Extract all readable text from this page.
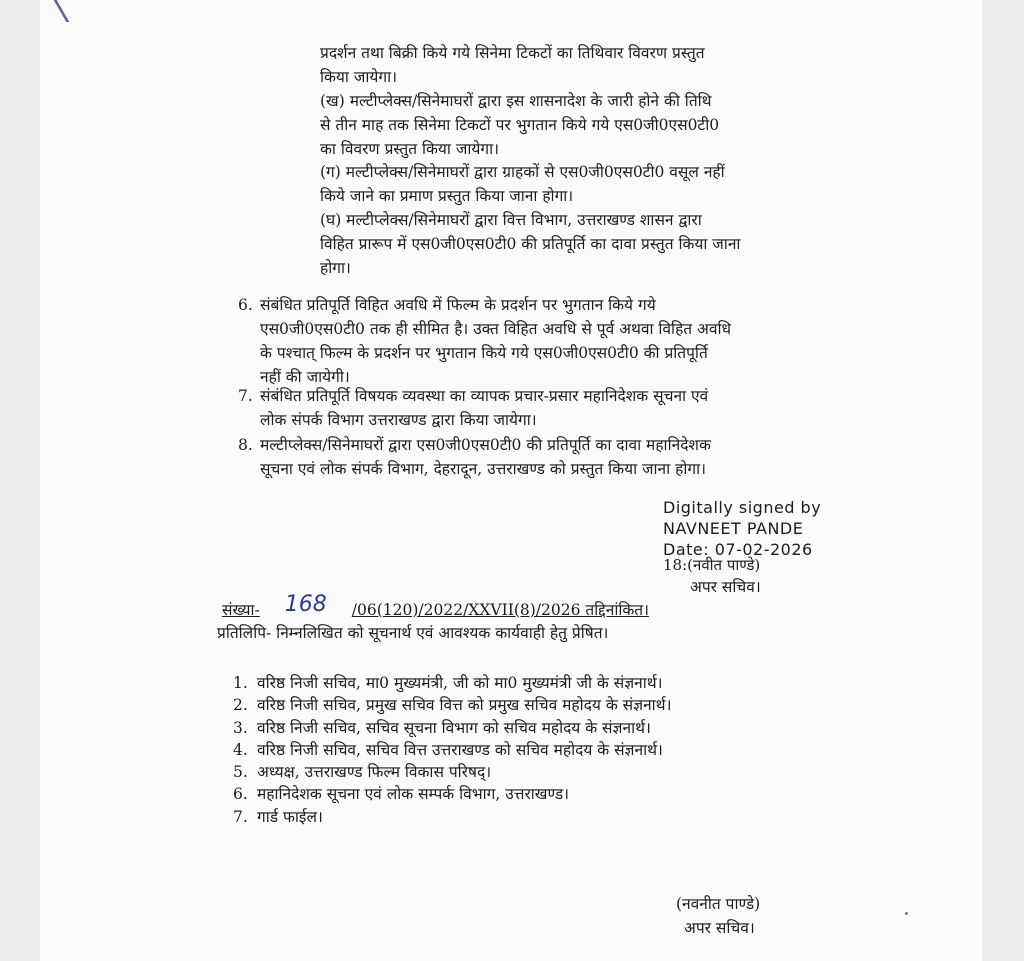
प्रदर्शन तथा बिक्री किये गये सिनेमा टिकटों का तिथिवार विवरण प्रस्तुत
किया जायेगा।
(ख) मल्टीप्लेक्स/सिनेमाघरों द्वारा इस शासनादेश के जारी होने की तिथि
से तीन माह तक सिनेमा टिकटों पर भुगतान किये गये एस0जी0एस0टी0
का विवरण प्रस्तुत किया जायेगा।
(ग) मल्टीप्लेक्स/सिनेमाघरों द्वारा ग्राहकों से एस0जी0एस0टी0 वसूल नहीं
किये जाने का प्रमाण प्रस्तुत किया जाना होगा।
(घ) मल्टीप्लेक्स/सिनेमाघरों द्वारा वित्त विभाग, उत्तराखण्ड शासन द्वारा
विहित प्रारूप में एस0जी0एस0टी0 की प्रतिपूर्ति का दावा प्रस्तुत किया जाना
होगा।
6. संबंधित प्रतिपूर्ति विहित अवधि में फिल्म के प्रदर्शन पर भुगतान किये गये
एस0जी0एस0टी0 तक ही सीमित है। उक्त विहित अवधि से पूर्व अथवा विहित अवधि
के पश्चात् फिल्म के प्रदर्शन पर भुगतान किये गये एस0जी0एस0टी0 की प्रतिपूर्ति
नहीं की जायेगी।
7. संबंधित प्रतिपूर्ति विषयक व्यवस्था का व्यापक प्रचार-प्रसार महानिदेशक सूचना एवं
लोक संपर्क विभाग उत्तराखण्ड द्वारा किया जायेगा।
8. मल्टीप्लेक्स/सिनेमाघरों द्वारा एस0जी0एस0टी0 की प्रतिपूर्ति का दावा महानिदेशक
सूचना एवं लोक संपर्क विभाग, देहरादून, उत्तराखण्ड को प्रस्तुत किया जाना होगा।
Digitally signed by
NAVNEET PANDE
Date: 07-02-2026
18:(नवीत पाण्डे)
अपर सचिव।
संख्या- 168 /06(120)/2022/XXVII(8)/2026 तद्दिनांकित।
प्रतिलिपि- निम्नलिखित को सूचनार्थ एवं आवश्यक कार्यवाही हेतु प्रेषित।
1. वरिष्ठ निजी सचिव, मा0 मुख्यमंत्री, जी को मा0 मुख्यमंत्री जी के संज्ञनार्थ।
2. वरिष्ठ निजी सचिव, प्रमुख सचिव वित्त को प्रमुख सचिव महोदय के संज्ञनार्थ।
3. वरिष्ठ निजी सचिव, सचिव सूचना विभाग को सचिव महोदय के संज्ञनार्थ।
4. वरिष्ठ निजी सचिव, सचिव वित्त उत्तराखण्ड को सचिव महोदय के संज्ञनार्थ।
5. अध्यक्ष, उत्तराखण्ड फिल्म विकास परिषद्।
6. महानिदेशक सूचना एवं लोक सम्पर्क विभाग, उत्तराखण्ड।
7. गार्ड फाईल।
(नवनीत पाण्डे)
अपर सचिव।
